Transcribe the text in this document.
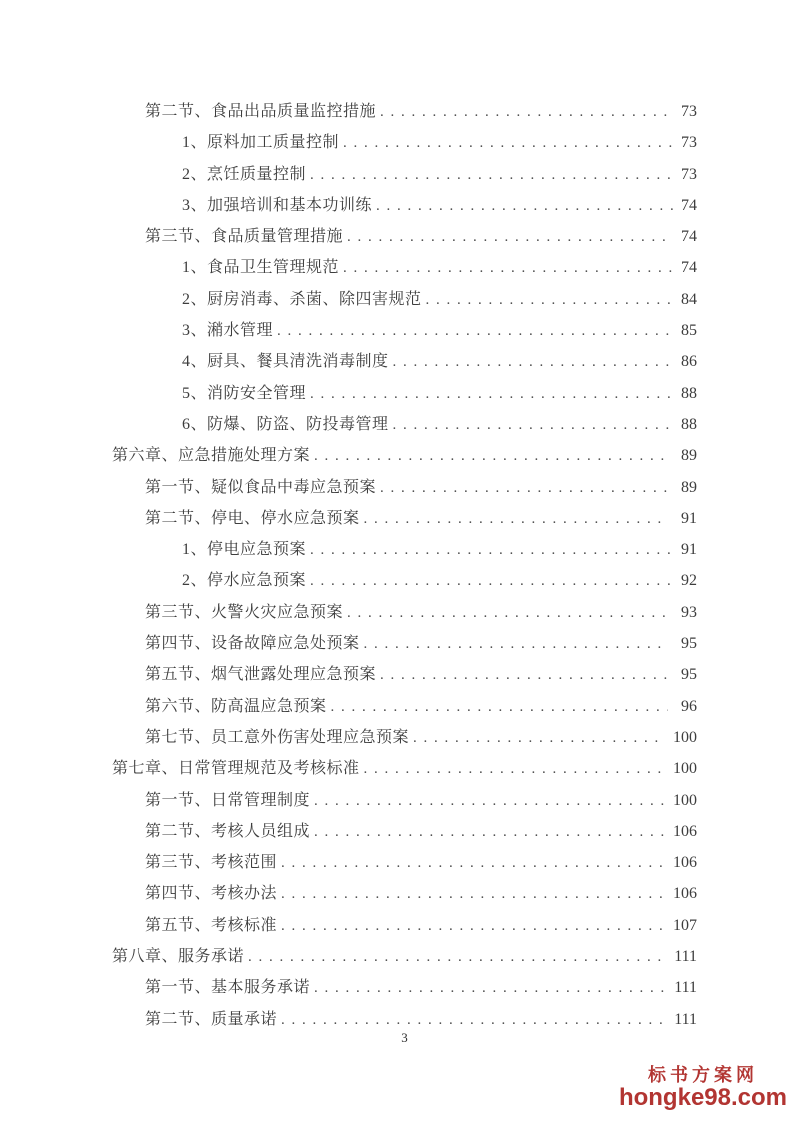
第二节、食品出品质量监控措施 . . .	73
1、原料加工质量控制 . . .	73
2、烹饪质量控制 . . .	73
3、加强培训和基本功训练 . . .	74
第三节、食品质量管理措施 . . .	74
1、食品卫生管理规范 . . .	74
2、厨房消毒、杀菌、除四害规范 . . .	84
3、潲水管理 . . .	85
4、厨具、餐具清洗消毒制度 . . .	86
5、消防安全管理 . . .	88
6、防爆、防盗、防投毒管理 . . .	88
第六章、应急措施处理方案 . . .	89
第一节、疑似食品中毒应急预案 . . .	89
第二节、停电、停水应急预案 . . .	91
1、停电应急预案 . . .	91
2、停水应急预案 . . .	92
第三节、火警火灾应急预案 . . .	93
第四节、设备故障应急处预案 . . .	95
第五节、烟气泄露处理应急预案 . . .	95
第六节、防高温应急预案 . . .	96
第七节、员工意外伤害处理应急预案 . . .	100
第七章、日常管理规范及考核标准 . . .	100
第一节、日常管理制度 . . .	100
第二节、考核人员组成 . . .	106
第三节、考核范围 . . .	106
第四节、考核办法 . . .	106
第五节、考核标准 . . .	107
第八章、服务承诺 . . .	111
第一节、基本服务承诺 . . .	111
第二节、质量承诺 . . .	111
3
标书方案网
hongke98.com
